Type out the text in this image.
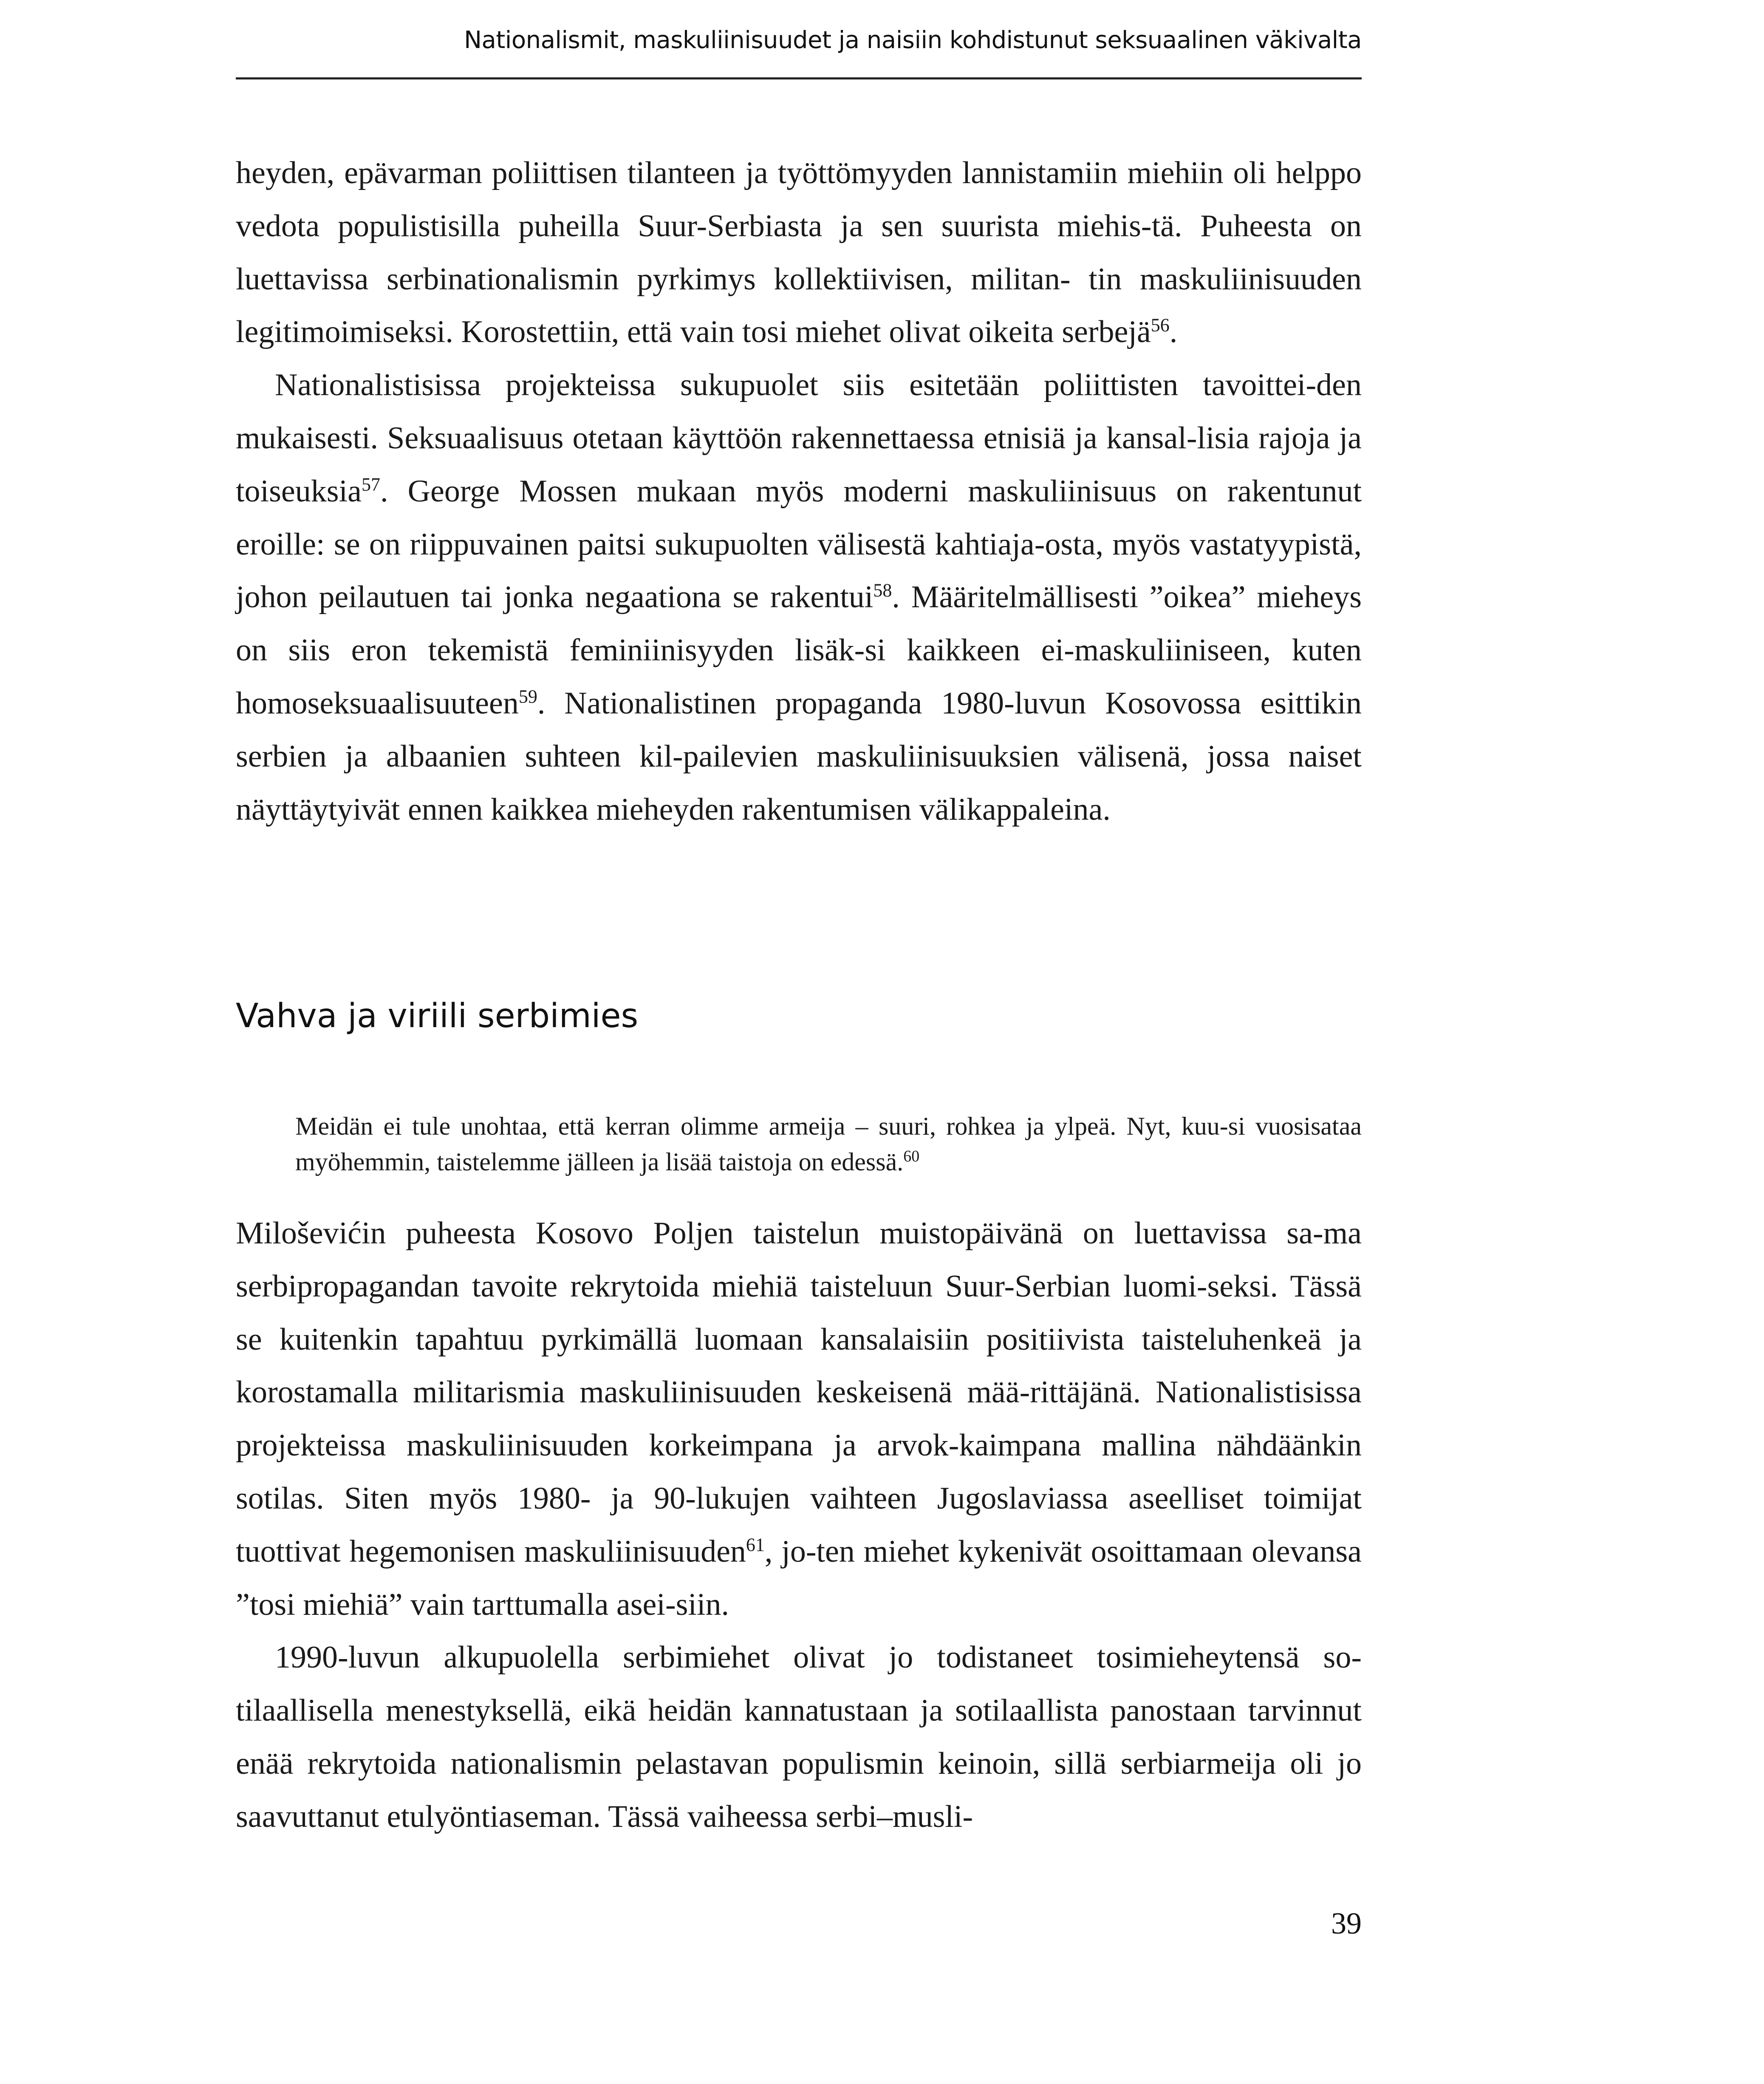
Nationalismit, maskuliinisuudet ja naisiin kohdistunut seksuaalinen väkivalta

heyden, epävarman poliittisen tilanteen ja työttömyyden lannistamiin miehiin oli helppo vedota populistisilla puheilla Suur-Serbiasta ja sen suurista miehis-tä. Puheesta on luettavissa serbinationalismin pyrkimys kollektiivisen, militan- tin maskuliinisuuden legitimoimiseksi. Korostettiin, että vain tosi miehet olivat oikeita serbejä$^{56}$.

Nationalistisissa projekteissa sukupuolet siis esitetään poliittisten tavoittei-den mukaisesti. Seksuaalisuus otetaan käyttöön rakennettaessa etnisiä ja kansal-lisia rajoja ja toiseuksia$^{57}$. George Mossen mukaan myös moderni maskuliinisuus on rakentunut eroille: se on riippuvainen paitsi sukupuolten välisestä kahtiaja-osta, myös vastatyypistä, johon peilautuen tai jonka negaationa se rakentui$^{58}$. Määritelmällisesti ”oikea” mieheys on siis eron tekemistä feminiinisyyden lisäk-si kaikkeen ei-maskuliiniseen, kuten homoseksuaalisuuteen$^{59}$. Nationalistinen propaganda 1980-luvun Kosovossa esittikin serbien ja albaanien suhteen kil-pailevien maskuliinisuuksien välisenä, jossa naiset näyttäytyivät ennen kaikkea mieheyden rakentumisen välikappaleina.

Vahva ja viriili serbimies

Meidän ei tule unohtaa, että kerran olimme armeija – suuri, rohkea ja ylpeä. Nyt, kuu-si vuosisataa myöhemmin, taistelemme jälleen ja lisää taistoja on edessä.$^{60}$

Miloševićin puheesta Kosovo Poljen taistelun muistopäivänä on luettavissa sa-ma serbipropagandan tavoite rekrytoida miehiä taisteluun Suur-Serbian luomi-seksi. Tässä se kuitenkin tapahtuu pyrkimällä luomaan kansalaisiin positiivista taisteluhenkeä ja korostamalla militarismia maskuliinisuuden keskeisenä mää-rittäjänä. Nationalistisissa projekteissa maskuliinisuuden korkeimpana ja arvok-kaimpana mallina nähdäänkin sotilas. Siten myös 1980- ja 90-lukujen vaihteen Jugoslaviassa aseelliset toimijat tuottivat hegemonisen maskuliinisuuden$^{61}$, jo-ten miehet kykenivät osoittamaan olevansa ”tosi miehiä” vain tarttumalla asei-siin.

1990-luvun alkupuolella serbimiehet olivat jo todistaneet tosimieheytensä so-tilaallisella menestyksellä, eikä heidän kannatustaan ja sotilaallista panostaan tarvinnut enää rekrytoida nationalismin pelastavan populismin keinoin, sillä serbiarmeija oli jo saavuttanut etulyöntiaseman. Tässä vaiheessa serbi–musli-

39
